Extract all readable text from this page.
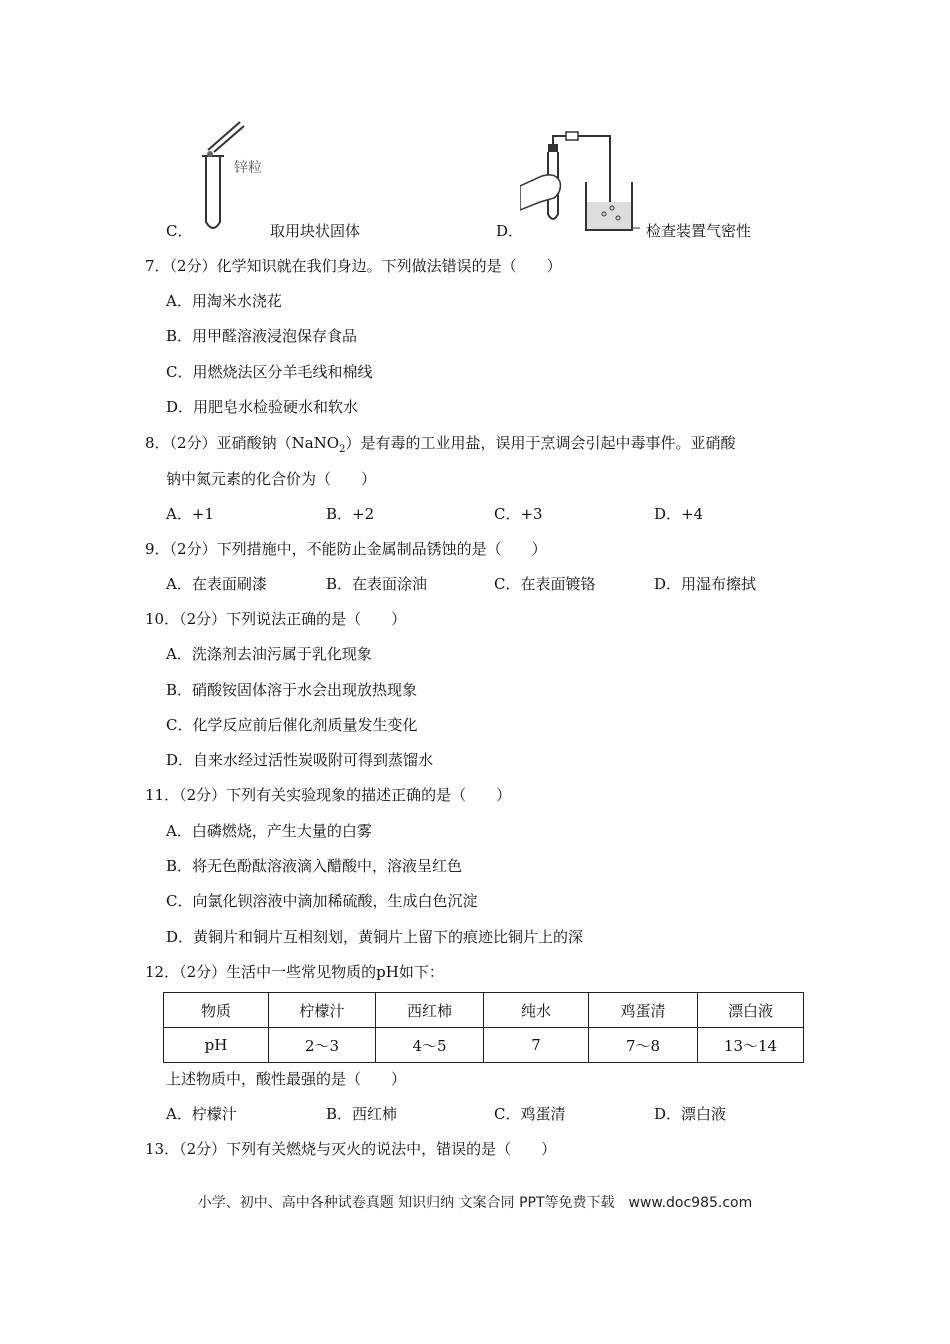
锌粒
C．	取用块状固体	D．	检查装置气密性
7．（2分）化学知识就在我们身边。下列做法错误的是（　　）
A．用淘米水浇花
B．用甲醛溶液浸泡保存食品
C．用燃烧法区分羊毛线和棉线
D．用肥皂水检验硬水和软水
8．（2分）亚硝酸钠（NaNO$_2$）是有毒的工业用盐，误用于烹调会引起中毒事件。亚硝酸
钠中氮元素的化合价为（　　）
A．+1	B．+2	C．+3	D．+4
9．（2分）下列措施中，不能防止金属制品锈蚀的是（　　）
A．在表面刷漆	B．在表面涂油	C．在表面镀铬	D．用湿布擦拭
10．（2分）下列说法正确的是（　　）
A．洗涤剂去油污属于乳化现象
B．硝酸铵固体溶于水会出现放热现象
C．化学反应前后催化剂质量发生变化
D．自来水经过活性炭吸附可得到蒸馏水
11．（2分）下列有关实验现象的描述正确的是（　　）
A．白磷燃烧，产生大量的白雾
B．将无色酚酞溶液滴入醋酸中，溶液呈红色
C．向氯化钡溶液中滴加稀硫酸，生成白色沉淀
D．黄铜片和铜片互相刻划，黄铜片上留下的痕迹比铜片上的深
12．（2分）生活中一些常见物质的pH如下：
物质	柠檬汁	西红柿	纯水	鸡蛋清	漂白液
pH	2～3	4～5	7	7～8	13～14
上述物质中，酸性最强的是（　　）
A．柠檬汁	B．西红柿	C．鸡蛋清	D．漂白液
13．（2分）下列有关燃烧与灭火的说法中，错误的是（　　）
小学、初中、高中各种试卷真题 知识归纳 文案合同 PPT等免费下载　www.doc985.com
